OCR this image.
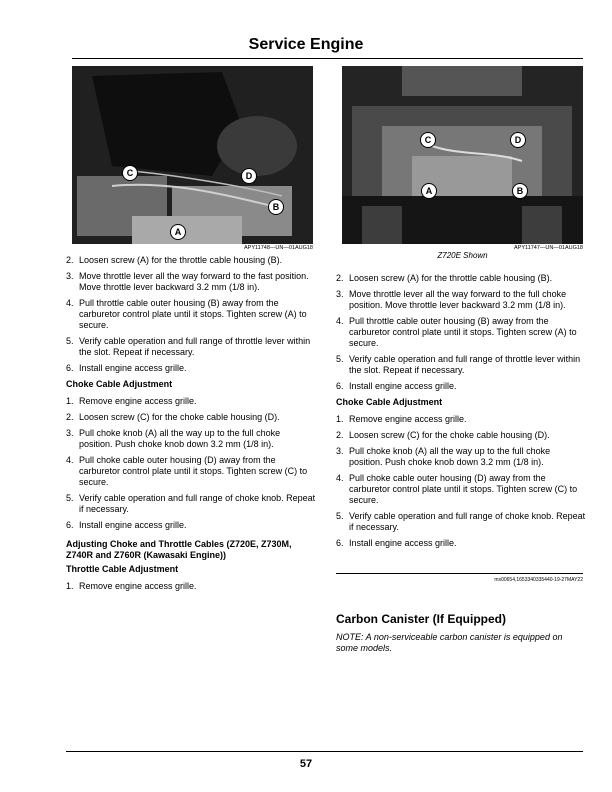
Service Engine
C	D
B
A
APY11748—UN—01AUG18
C	D
A	B
APY11747—UN—01AUG18
Z720E Shown
2. Loosen screw (A) for the throttle cable housing (B).
3. Move throttle lever all the way forward to the fast position. Move throttle lever backward 3.2 mm (1/8 in).
4. Pull throttle cable outer housing (B) away from the carburetor control plate until it stops. Tighten screw (A) to secure.
5. Verify cable operation and full range of throttle lever within the slot. Repeat if necessary.
6. Install engine access grille.
Choke Cable Adjustment
1. Remove engine access grille.
2. Loosen screw (C) for the choke cable housing (D).
3. Pull choke knob (A) all the way up to the full choke position. Push choke knob down 3.2 mm (1/8 in).
4. Pull choke cable outer housing (D) away from the carburetor control plate until it stops. Tighten screw (C) to secure.
5. Verify cable operation and full range of choke knob. Repeat if necessary.
6. Install engine access grille.
Adjusting Choke and Throttle Cables (Z720E, Z730M, Z740R and Z760R (Kawasaki Engine))
Throttle Cable Adjustment
1. Remove engine access grille.
2. Loosen screw (A) for the throttle cable housing (B).
3. Move throttle lever all the way forward to the full choke position. Move throttle lever backward 3.2 mm (1/8 in).
4. Pull throttle cable outer housing (B) away from the carburetor control plate until it stops. Tighten screw (A) to secure.
5. Verify cable operation and full range of throttle lever within the slot. Repeat if necessary.
6. Install engine access grille.
Choke Cable Adjustment
1. Remove engine access grille.
2. Loosen screw (C) for the choke cable housing (D).
3. Pull choke knob (A) all the way up to the full choke position. Push choke knob down 3.2 mm (1/8 in).
4. Pull choke cable outer housing (D) away from the carburetor control plate until it stops. Tighten screw (C) to secure.
5. Verify cable operation and full range of choke knob. Repeat if necessary.
6. Install engine access grille.
mx00654,1653340335440-19-27MAY22
Carbon Canister (If Equipped)
NOTE: A non-serviceable carbon canister is equipped on some models.
57
